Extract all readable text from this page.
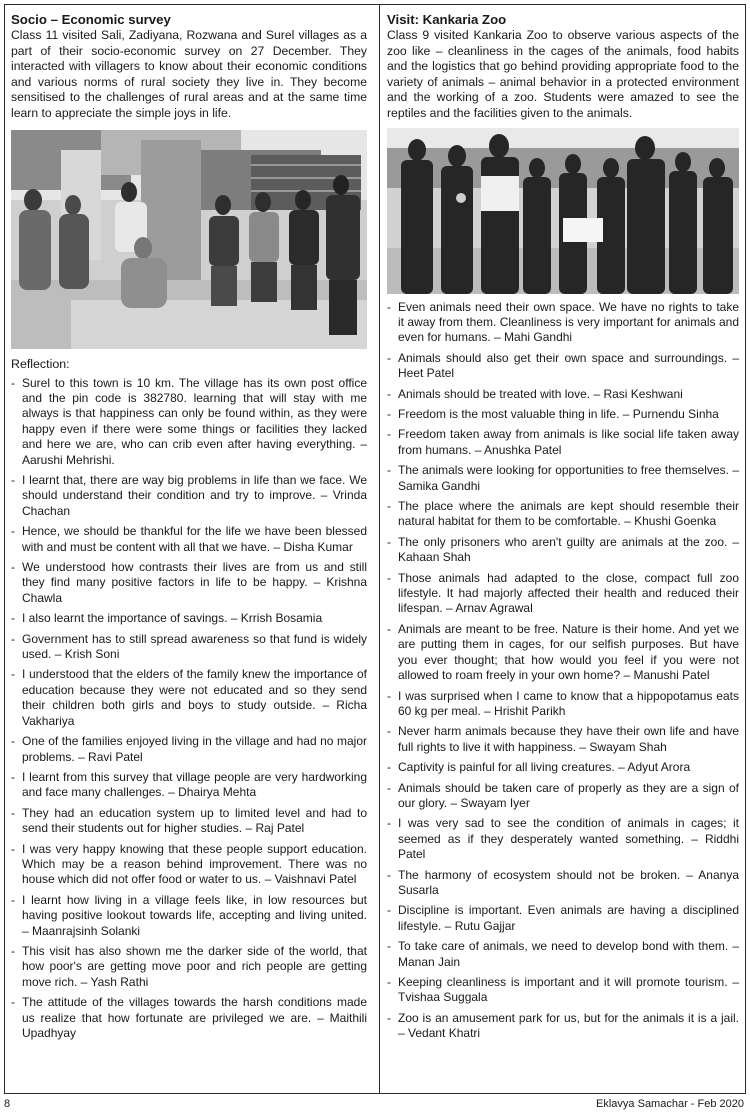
Socio – Economic survey

Class 11 visited Sali, Zadiyana, Rozwana and Surel villages as a part of their socio-economic survey on 27 December. They interacted with villagers to know about their economic conditions and various norms of rural society they live in. They become sensitised to the challenges of rural areas and at the same time learn to appreciate the simple joys in life.

Reflection:
- Surel to this town is 10 km. The village has its own post office and the pin code is 382780. learning that will stay with me always is that happiness can only be found within, as they were happy even if there were some things or facilities they lacked and here we are, who can crib even after having everything. – Aarushi Mehrishi.
- I learnt that, there are way big problems in life than we face. We should understand their condition and try to improve. – Vrinda Chachan
- Hence, we should be thankful for the life we have been blessed with and must be content with all that we have. – Disha Kumar
- We understood how contrasts their lives are from us and still they find many positive factors in life to be happy. – Krishna Chawla
- I also learnt the importance of savings. – Krrish Bosamia
- Government has to still spread awareness so that fund is widely used. – Krish Soni
- I understood that the elders of the family knew the importance of education because they were not educated and so they send their children both girls and boys to study outside. – Richa Vakhariya
- One of the families enjoyed living in the village and had no major problems. – Ravi Patel
- I learnt from this survey that village people are very hardworking and face many challenges. – Dhairya Mehta
- They had an education system up to limited level and had to send their students out for higher studies. – Raj Patel
- I was very happy knowing that these people support education. Which may be a reason behind improvement. There was no house which did not offer food or water to us. – Vaishnavi Patel
- I learnt how living in a village feels like, in low resources but having positive lookout towards life, accepting and living united. – Maanrajsinh Solanki
- This visit has also shown me the darker side of the world, that how poor's are getting move poor and rich people are getting move rich. – Yash Rathi
- The attitude of the villages towards the harsh conditions made us realize that how fortunate are privileged we are. – Maithili Upadhyay
Visit: Kankaria Zoo

Class 9 visited Kankaria Zoo to observe various aspects of the zoo like – cleanliness in the cages of the animals, food habits and the logistics that go behind providing appropriate food to the variety of animals – animal behavior in a protected environment and the working of a zoo. Students were amazed to see the reptiles and the facilities given to the animals.

- Even animals need their own space. We have no rights to take it away from them. Cleanliness is very important for animals and even for humans. – Mahi Gandhi
- Animals should also get their own space and surroundings. – Heet Patel
- Animals should be treated with love. – Rasi Keshwani
- Freedom is the most valuable thing in life. – Purnendu Sinha
- Freedom taken away from animals is like social life taken away from humans. – Anushka Patel
- The animals were looking for opportunities to free themselves. – Samika Gandhi
- The place where the animals are kept should resemble their natural habitat for them to be comfortable. – Khushi Goenka
- The only prisoners who aren't guilty are animals at the zoo. – Kahaan Shah
- Those animals had adapted to the close, compact full zoo lifestyle. It had majorly affected their health and reduced their lifespan. – Arnav Agrawal
- Animals are meant to be free. Nature is their home. And yet we are putting them in cages, for our selfish purposes. But have you ever thought; that how would you feel if you were not allowed to roam freely in your own home? – Manushi Patel
- I was surprised when I came to know that a hippopotamus eats 60 kg per meal. – Hrishit Parikh
- Never harm animals because they have their own life and have full rights to live it with happiness. – Swayam Shah
- Captivity is painful for all living creatures. – Adyut Arora
- Animals should be taken care of properly as they are a sign of our glory. – Swayam Iyer
- I was very sad to see the condition of animals in cages; it seemed as if they desperately wanted something. – Riddhi Patel
- The harmony of ecosystem should not be broken. – Ananya Susarla
- Discipline is important. Even animals are having a disciplined lifestyle. – Rutu Gajjar
- To take care of animals, we need to develop bond with them. – Manan Jain
- Keeping cleanliness is important and it will promote tourism. – Tvishaa Suggala
- Zoo is an amusement park for us, but for the animals it is a jail. – Vedant Khatri
8	Eklavya Samachar - Feb 2020
